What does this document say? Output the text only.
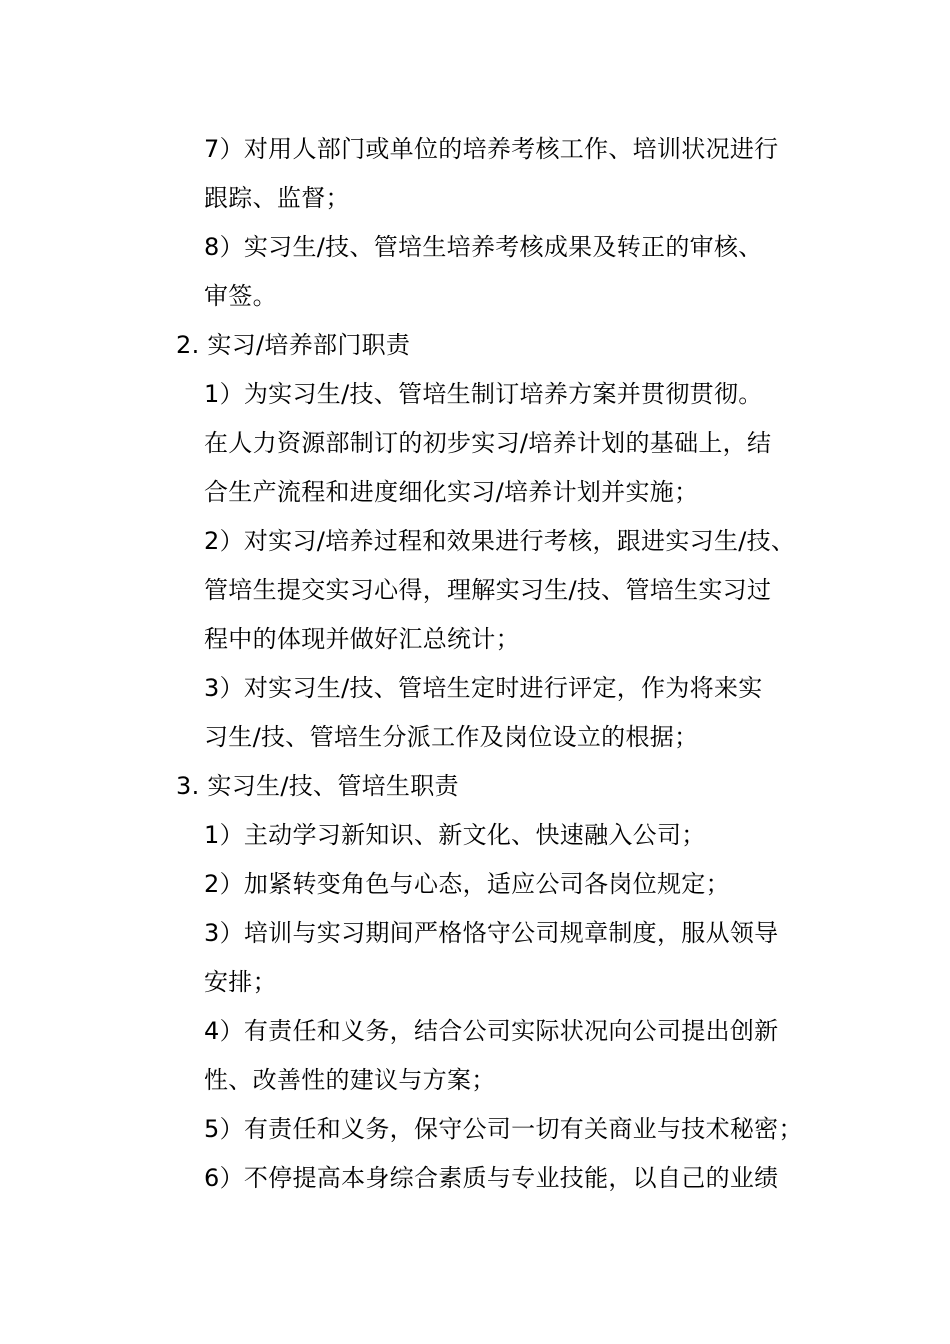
7）对用人部门或单位的培养考核工作、培训状况进行
跟踪、监督；
8）实习生/技、管培生培养考核成果及转正的审核、
审签。
2. 实习/培养部门职责
1）为实习生/技、管培生制订培养方案并贯彻贯彻。
在人力资源部制订的初步实习/培养计划的基础上，结
合生产流程和进度细化实习/培养计划并实施；
2）对实习/培养过程和效果进行考核，跟进实习生/技、
管培生提交实习心得，理解实习生/技、管培生实习过
程中的体现并做好汇总统计；
3）对实习生/技、管培生定时进行评定，作为将来实
习生/技、管培生分派工作及岗位设立的根据；
3. 实习生/技、管培生职责
1）主动学习新知识、新文化、快速融入公司；
2）加紧转变角色与心态，适应公司各岗位规定；
3）培训与实习期间严格恪守公司规章制度，服从领导
安排；
4）有责任和义务，结合公司实际状况向公司提出创新
性、改善性的建议与方案；
5）有责任和义务，保守公司一切有关商业与技术秘密；
6）不停提高本身综合素质与专业技能，以自己的业绩
